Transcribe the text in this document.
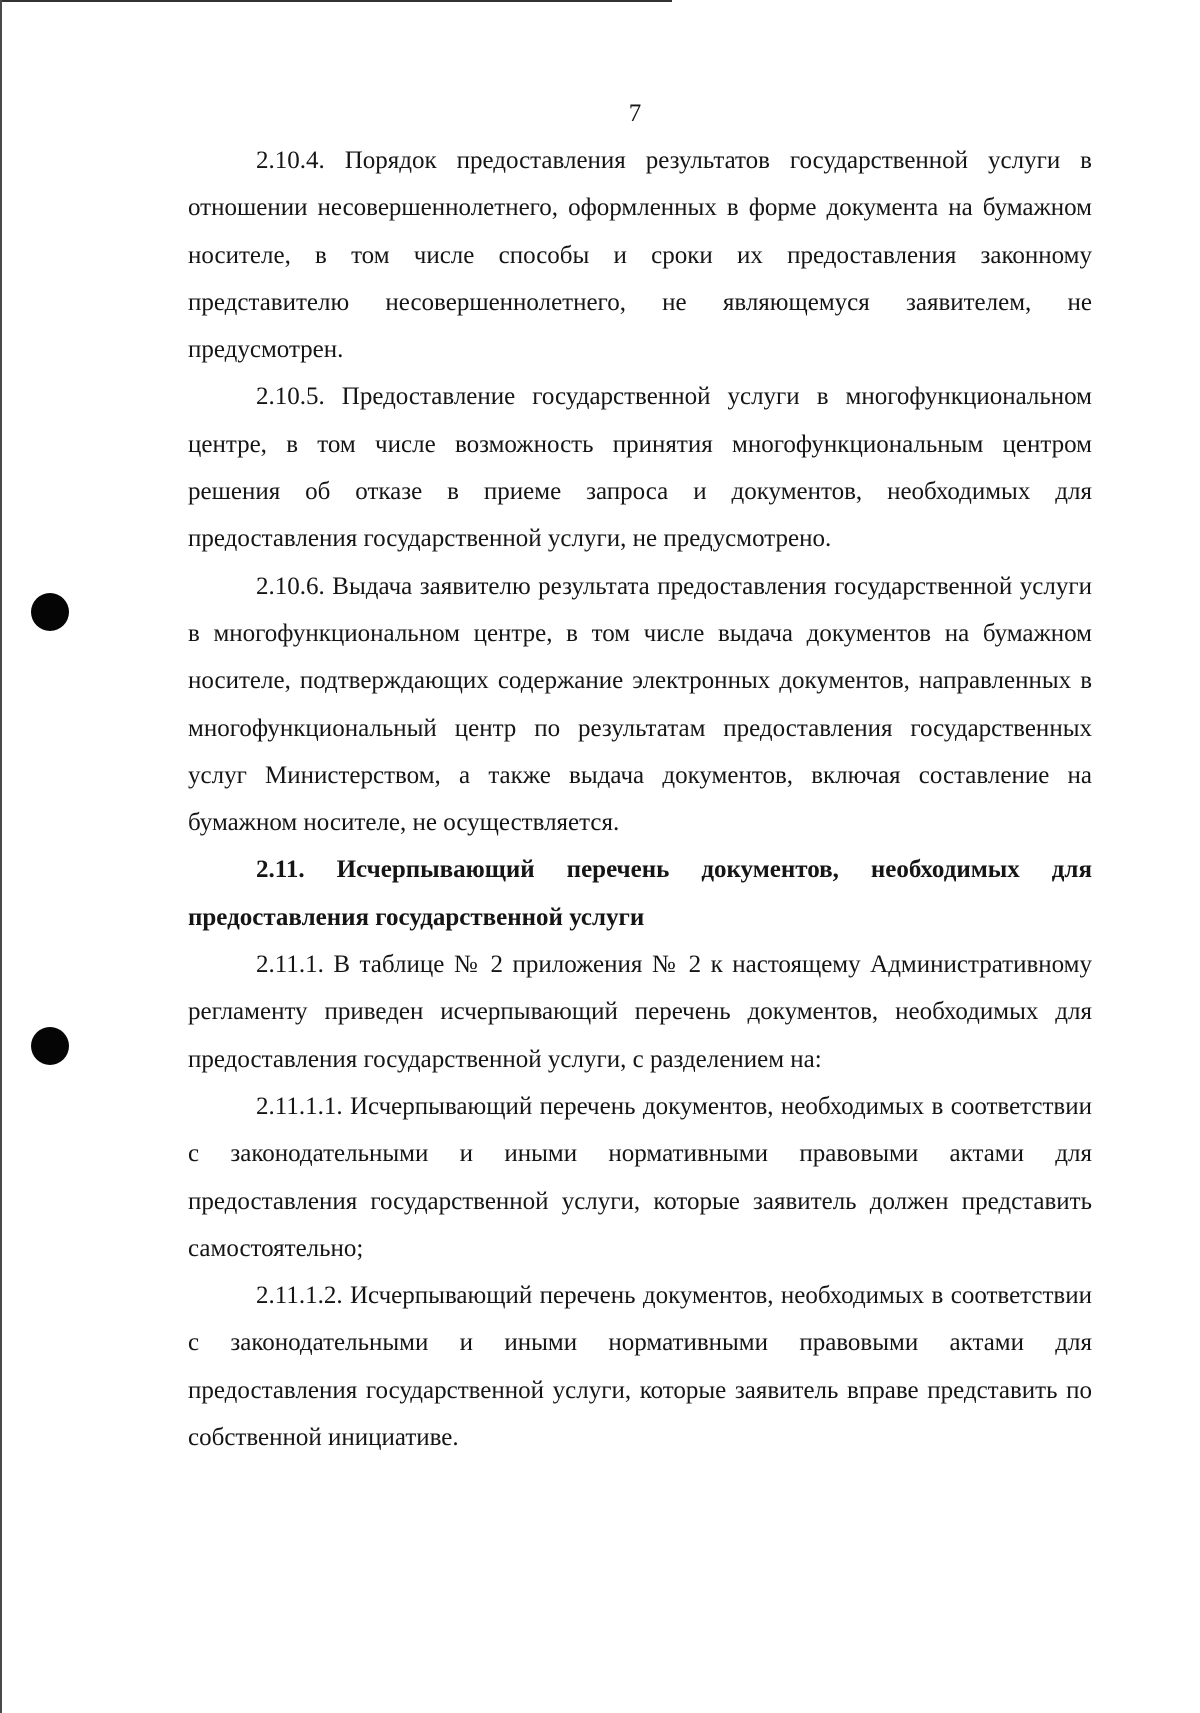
7

2.10.4. Порядок предоставления результатов государственной услуги в отношении несовершеннолетнего, оформленных в форме документа на бумажном носителе, в том числе способы и сроки их предоставления законному представителю несовершеннолетнего, не являющемуся заявителем, не предусмотрен.

2.10.5. Предоставление государственной услуги в многофункциональном центре, в том числе возможность принятия многофункциональным центром решения об отказе в приеме запроса и документов, необходимых для предоставления государственной услуги, не предусмотрено.

2.10.6. Выдача заявителю результата предоставления государственной услуги в многофункциональном центре, в том числе выдача документов на бумажном носителе, подтверждающих содержание электронных документов, направленных в многофункциональный центр по результатам предоставления государственных услуг Министерством, а также выдача документов, включая составление на бумажном носителе, не осуществляется.

2.11. Исчерпывающий перечень документов, необходимых для предоставления государственной услуги

2.11.1. В таблице № 2 приложения № 2 к настоящему Административному регламенту приведен исчерпывающий перечень документов, необходимых для предоставления государственной услуги, с разделением на:

2.11.1.1. Исчерпывающий перечень документов, необходимых в соответствии с законодательными и иными нормативными правовыми актами для предоставления государственной услуги, которые заявитель должен представить самостоятельно;

2.11.1.2. Исчерпывающий перечень документов, необходимых в соответствии с законодательными и иными нормативными правовыми актами для предоставления государственной услуги, которые заявитель вправе представить по собственной инициативе.
